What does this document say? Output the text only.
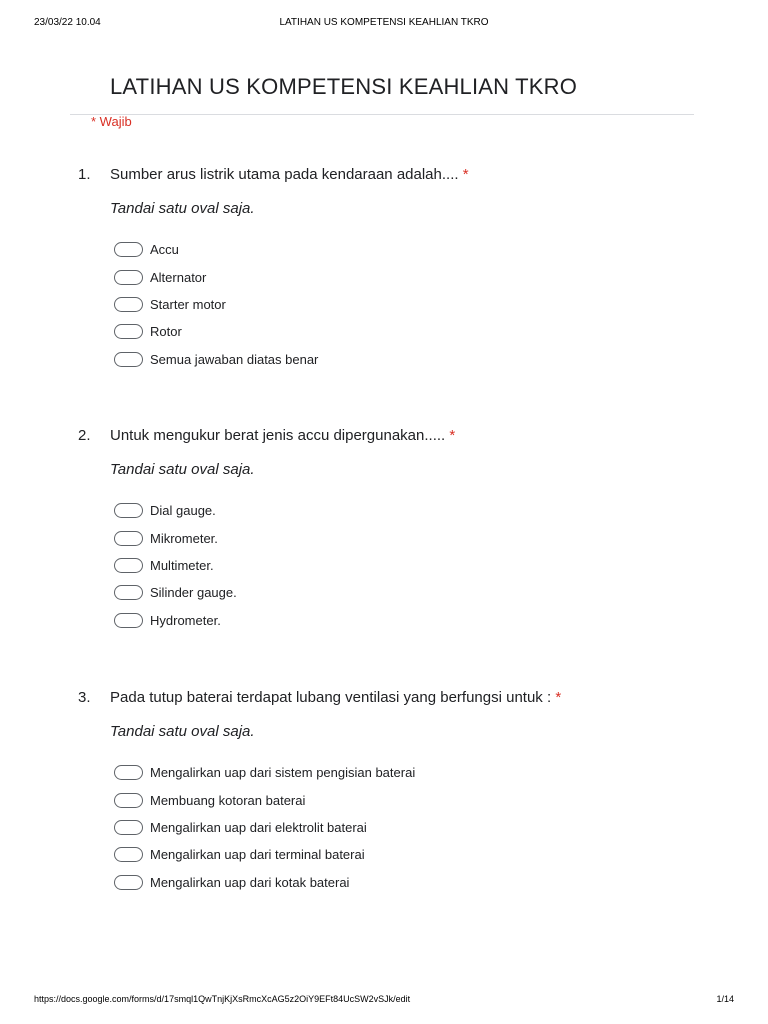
23/03/22 10.04	LATIHAN US KOMPETENSI KEAHLIAN TKRO
LATIHAN US KOMPETENSI KEAHLIAN TKRO
* Wajib
1. Sumber arus listrik utama pada kendaraan adalah.... *
Tandai satu oval saja.
Accu
Alternator
Starter motor
Rotor
Semua jawaban diatas benar
2. Untuk mengukur berat jenis accu dipergunakan..... *
Tandai satu oval saja.
Dial gauge.
Mikrometer.
Multimeter.
Silinder gauge.
Hydrometer.
3. Pada tutup baterai terdapat lubang ventilasi yang berfungsi untuk : *
Tandai satu oval saja.
Mengalirkan uap dari sistem pengisian baterai
Membuang kotoran baterai
Mengalirkan uap dari elektrolit baterai
Mengalirkan uap dari terminal baterai
Mengalirkan uap dari kotak baterai
https://docs.google.com/forms/d/17smql1QwTnjKjXsRmcXcAG5z2OiY9EFt84UcSW2vSJk/edit	1/14
